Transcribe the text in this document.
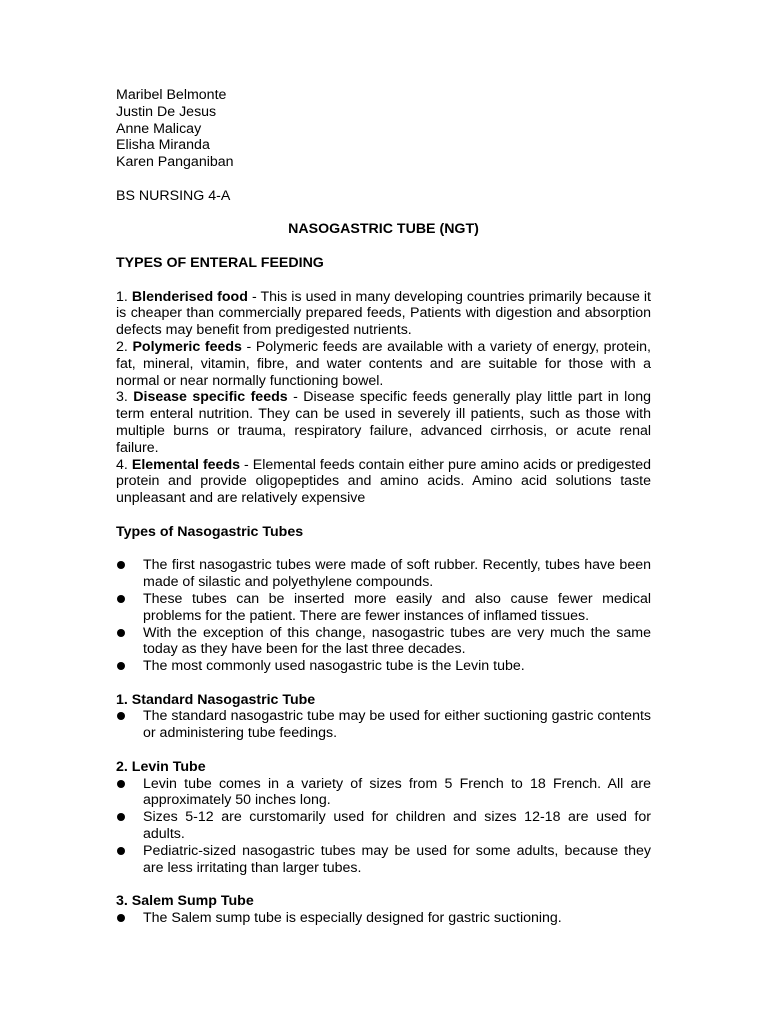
Maribel Belmonte
Justin De Jesus
Anne Malicay
Elisha Miranda
Karen Panganiban
BS NURSING 4-A
NASOGASTRIC TUBE (NGT)
TYPES OF ENTERAL FEEDING
1. Blenderised food - This is used in many developing countries primarily because it is cheaper than commercially prepared feeds, Patients with digestion and absorption defects may benefit from predigested nutrients.
2. Polymeric feeds - Polymeric feeds are available with a variety of energy, protein, fat, mineral, vitamin, fibre, and water contents and are suitable for those with a normal or near normally functioning bowel.
3. Disease specific feeds - Disease specific feeds generally play little part in long term enteral nutrition. They can be used in severely ill patients, such as those with multiple burns or trauma, respiratory failure, advanced cirrhosis, or acute renal failure.
4. Elemental feeds - Elemental feeds contain either pure amino acids or predigested protein and provide oligopeptides and amino acids. Amino acid solutions taste unpleasant and are relatively expensive
Types of Nasogastric Tubes
The first nasogastric tubes were made of soft rubber. Recently, tubes have been made of silastic and polyethylene compounds.
These tubes can be inserted more easily and also cause fewer medical problems for the patient. There are fewer instances of inflamed tissues.
With the exception of this change, nasogastric tubes are very much the same today as they have been for the last three decades.
The most commonly used nasogastric tube is the Levin tube.
1. Standard Nasogastric Tube
The standard nasogastric tube may be used for either suctioning gastric contents or administering tube feedings.
2. Levin Tube
Levin tube comes in a variety of sizes from 5 French to 18 French. All are approximately 50 inches long.
Sizes 5-12 are curstomarily used for children and sizes 12-18 are used for adults.
Pediatric-sized nasogastric tubes may be used for some adults, because they are less irritating than larger tubes.
3. Salem Sump Tube
The Salem sump tube is especially designed for gastric suctioning.
